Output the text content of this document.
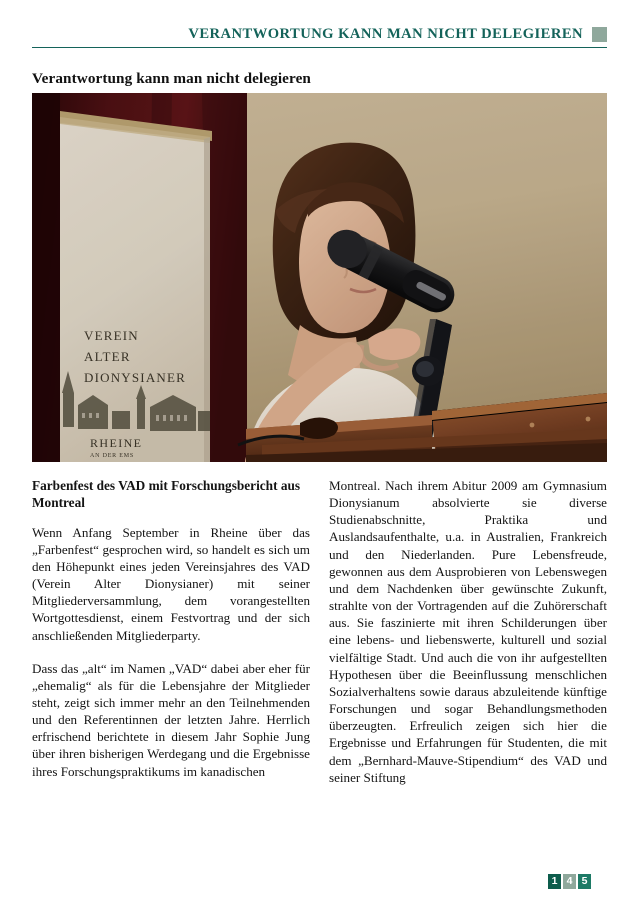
VERANTWORTUNG KANN MAN NICHT DELEGIEREN
Verantwortung kann man nicht delegieren
VEREIN
ALTER
DIONYSIANER
RHEINE
AN DER EMS
Farbenfest des VAD mit Forschungsbericht aus Montreal

Wenn Anfang September in Rheine über das „Farbenfest“ gesprochen wird, so handelt es sich um den Höhepunkt eines jeden Vereinsjahres des VAD (Verein Alter Dionysianer) mit seiner Mitgliederversammlung, dem vorangestellten Wortgottesdienst, einem Festvortrag und der sich anschließenden Mitgliederparty.

Dass das „alt“ im Namen „VAD“ dabei aber eher für „ehemalig“ als für die Lebensjahre der Mitglieder steht, zeigt sich immer mehr an den Teilnehmenden und den Referentinnen der letzten Jahre. Herrlich erfrischend berichtete in diesem Jahr Sophie Jung über ihren bisherigen Werdegang und die Ergebnisse ihres Forschungspraktikums im kanadischen

Montreal. Nach ihrem Abitur 2009 am Gymnasium Dionysianum absolvierte sie diverse Studienabschnitte, Praktika und Auslandsaufenthalte, u.a. in Australien, Frankreich und den Niederlanden. Pure Lebensfreude, gewonnen aus dem Ausprobieren von Lebenswegen und dem Nachdenken über gewünschte Zukunft, strahlte von der Vortragenden auf die Zuhörerschaft aus. Sie faszinierte mit ihren Schilderungen über eine lebens- und liebenswerte, kulturell und sozial vielfältige Stadt. Und auch die von ihr aufgestellten Hypothesen über die Beeinflussung menschlichen Sozialverhaltens sowie daraus abzuleitende künftige Forschungen und sogar Behandlungsmethoden überzeugten. Erfreulich zeigen sich hier die Ergebnisse und Erfahrungen für Studenten, die mit dem „Bernhard-Mauve-Stipendium“ des VAD und seiner Stiftung

1 4 5
